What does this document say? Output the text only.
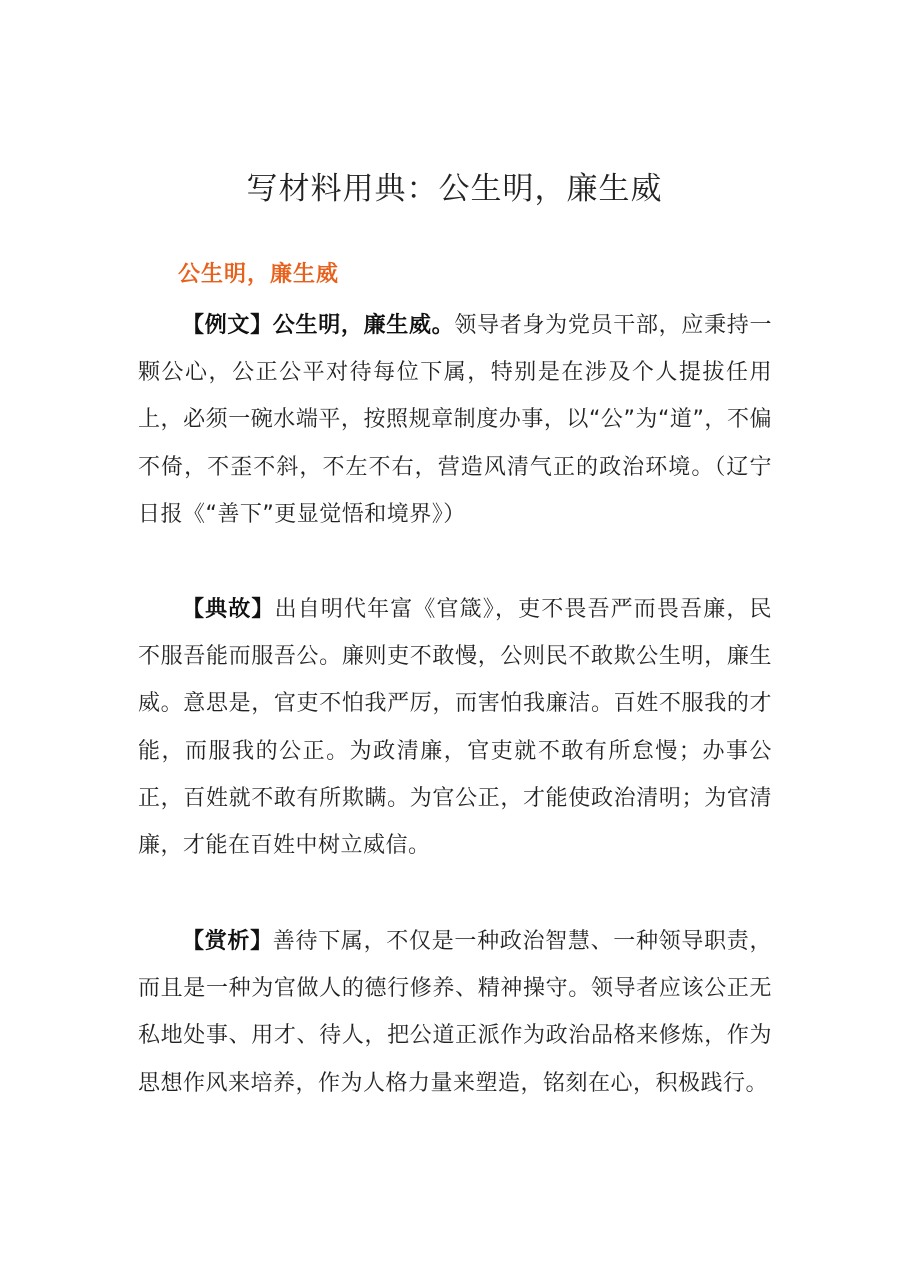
写材料用典：公生明，廉生威
公生明，廉生威

【例文】公生明，廉生威。领导者身为党员干部，应秉持一颗公心，公正公平对待每位下属，特别是在涉及个人提拔任用上，必须一碗水端平，按照规章制度办事，以“公”为“道”，不偏不倚，不歪不斜，不左不右，营造风清气正的政治环境。（辽宁日报《“善下”更显觉悟和境界》）

【典故】出自明代年富《官箴》，吏不畏吾严而畏吾廉，民不服吾能而服吾公。廉则吏不敢慢，公则民不敢欺公生明，廉生威。意思是，官吏不怕我严厉，而害怕我廉洁。百姓不服我的才能，而服我的公正。为政清廉，官吏就不敢有所怠慢；办事公正，百姓就不敢有所欺瞒。为官公正，才能使政治清明；为官清廉，才能在百姓中树立威信。

【赏析】善待下属，不仅是一种政治智慧、一种领导职责，而且是一种为官做人的德行修养、精神操守。领导者应该公正无私地处事、用才、待人，把公道正派作为政治品格来修炼，作为思想作风来培养，作为人格力量来塑造，铭刻在心，积极践行。
